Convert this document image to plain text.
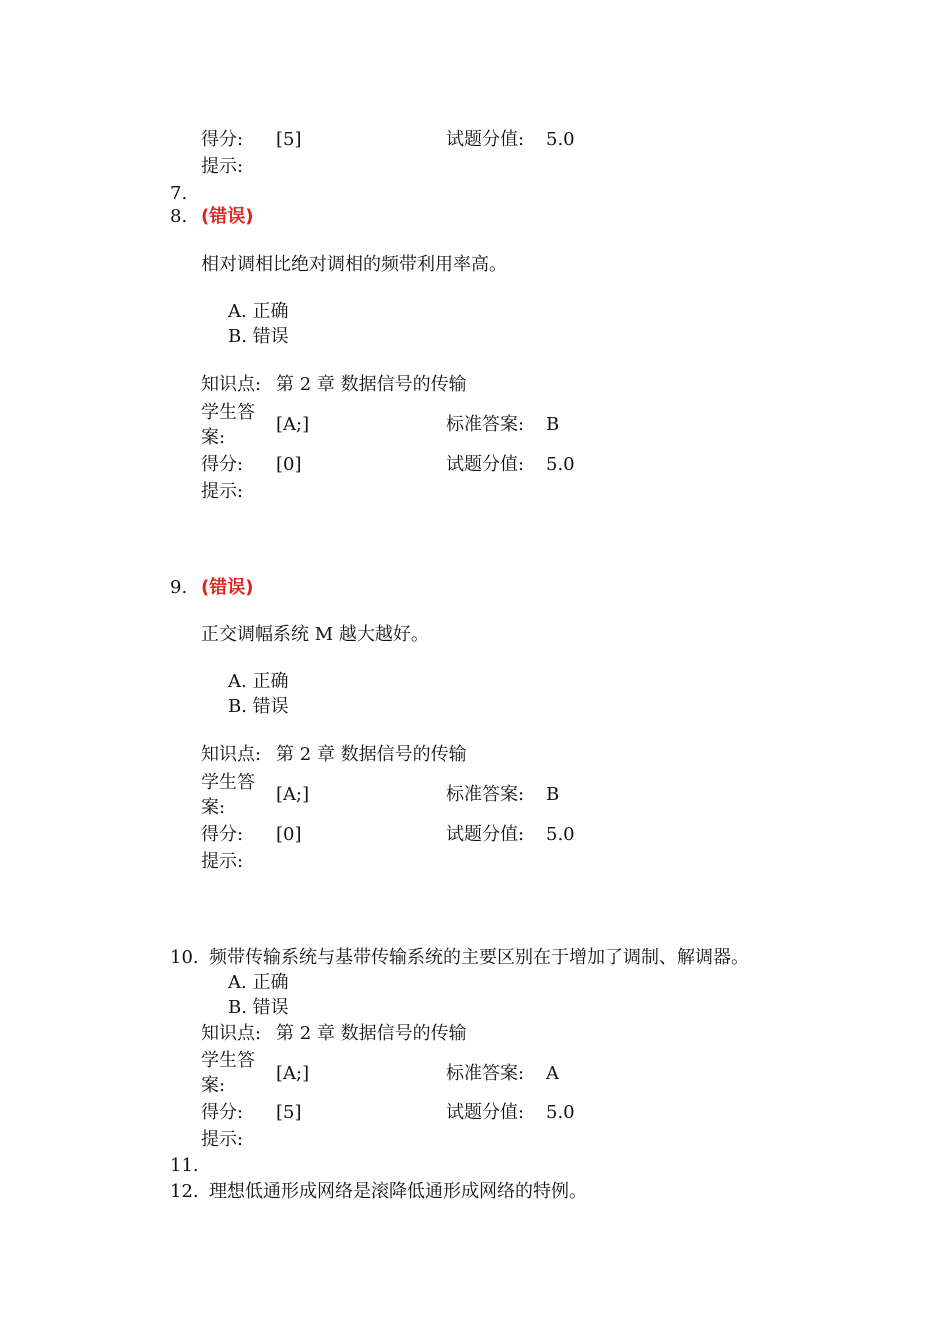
得分: [5]	试题分值: 5.0
提示:
7.
8. (错误)
相对调相比绝对调相的频带利用率高。
A. 正确
B. 错误
知识点: 第 2 章 数据信号的传输
学生答
案:
[A;]	标准答案: B
得分: [0]	试题分值: 5.0
提示:
9. (错误)
正交调幅系统 M 越大越好。
A. 正确
B. 错误
知识点: 第 2 章 数据信号的传输
学生答
案:
[A;]	标准答案: B
得分: [0]	试题分值: 5.0
提示:
10. 频带传输系统与基带传输系统的主要区别在于增加了调制、解调器。
A. 正确
B. 错误
知识点: 第 2 章 数据信号的传输
学生答
案:
[A;]	标准答案: A
得分: [5]	试题分值: 5.0
提示:
11.
12. 理想低通形成网络是滚降低通形成网络的特例。
